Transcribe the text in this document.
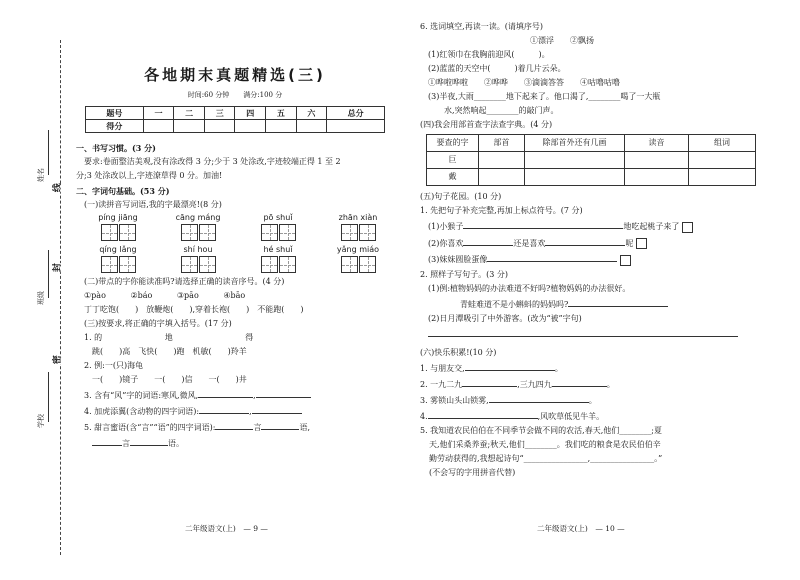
姓名
班级
学校
线
封
密
各地期末真题精选(三)
时间:60 分钟　　满分:100 分
题号	一	二	三	四	五	六	总分
得分							
一、书写习惯。(3 分)
要求:卷面整洁美观,没有涂改得 3 分;少于 3 处涂改,字迹较端正得 1 至 2
分;3 处涂改以上,字迹潦草得 0 分。加油!
二、字词句基础。(53 分)
(一)读拼音写词语,我的字最漂亮!(8 分)
píng jiāng	cāng máng	pō shuǐ	zhān xiàn
qíng lǎng	shí hou	hé shuǐ	yǎng miáo
(二)带点的字你能读准吗?请选择正确的读音序号。(4 分)
①pào	②báo	③pāo	④bāo
丁丁吃饱(　　)　放鞭炮(　　),穿着长袍(　　)　不能跑(　　)
(三)按要求,将正确的字填入括号。(17 分)
1. 的	地	得
跳(　　)高　飞快(　　)跑　机敏(　　)羚羊
2. 例:一(只)海龟
一(　　)镜子　　一(　　)信　　一(　　)井
3. 含有“风”字的词语:寒风,微风,	,
4. 加虎添翼(含动物的四字词语):	,
5. 甜言蜜语(含“言”“语”的四字词语):	言	语,
言	语。
二年级语文(上)　— 9 —
6. 选词填空,再读一读。(请填序号)
①漂浮　　②飘扬
(1)红领巾在我胸前迎风(　　　)。
(2)蓝蓝的天空中(　　　)着几片云朵。
①哗啦哗啦　　②哗哗　　③滴滴答答　　④咕噜咕噜
(3)半夜,大雨________地下起来了。他口渴了,________喝了一大瓶
水,突然响起________的敲门声。
(四)我会用部首查字法查字典。(4 分)
要查的字	部首	除部首外还有几画	读音	组词
巨				
戴				
(五)句子花园。(10 分)
1. 先把句子补充完整,再加上标点符号。(7 分)
(1)小猴子	地吃起桃子来了
(2)你喜欢	还是喜欢	呢
(3)妹妹圆脸蛋像
2. 照样子写句子。(3 分)
(1)例:植物妈妈的办法难道不好吗?植物妈妈的办法很好。
青蛙难道不是小蝌蚪的妈妈吗?
(2)日月潭吸引了中外游客。(改为“被”字句)
(六)快乐积累!(10 分)
1. 与朋友交,	。
2. 一九二九	,三九四九	。
3. 雾锁山头山锁雾,	。
4.	,风吹草低见牛羊。
5. 我知道农民伯伯在不同季节会做不同的农活,春天,他们________;夏
天,他们采桑养蚕;秋天,他们________。我们吃的粮食是农民伯伯辛
勤劳动获得的,我想起诗句“________________,________________。”
(不会写的字用拼音代替)
二年级语文(上)　— 10 —
